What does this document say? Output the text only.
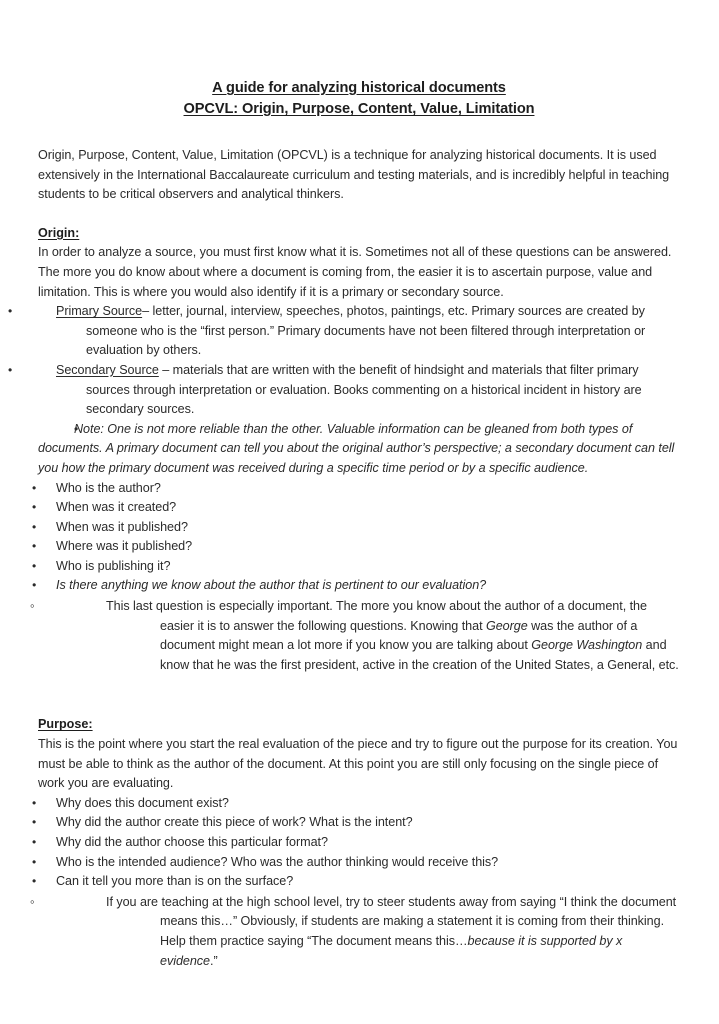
A guide for analyzing historical documents
OPCVL: Origin, Purpose, Content, Value, Limitation

Origin, Purpose, Content, Value, Limitation (OPCVL) is a technique for analyzing historical documents. It is used extensively in the International Baccalaureate curriculum and testing materials, and is incredibly helpful in teaching students to be critical observers and analytical thinkers.

Origin:

In order to analyze a source, you must first know what it is. Sometimes not all of these questions can be answered. The more you do know about where a document is coming from, the easier it is to ascertain purpose, value and limitation. This is where you would also identify if it is a primary or secondary source.

• Primary Source– letter, journal, interview, speeches, photos, paintings, etc. Primary sources are created by someone who is the “first person.” Primary documents have not been filtered through interpretation or evaluation by others.
• Secondary Source – materials that are written with the benefit of hindsight and materials that filter primary sources through interpretation or evaluation. Books commenting on a historical incident in history are secondary sources.

• Note: One is not more reliable than the other. Valuable information can be gleaned from both types of documents. A primary document can tell you about the original author’s perspective; a secondary document can tell you how the primary document was received during a specific time period or by a specific audience.

• Who is the author?
• When was it created?
• When was it published?
• Where was it published?
• Who is publishing it?
• Is there anything we know about the author that is pertinent to our evaluation?

◦ This last question is especially important. The more you know about the author of a document, the easier it is to answer the following questions. Knowing that George was the author of a document might mean a lot more if you know you are talking about George Washington and know that he was the first president, active in the creation of the United States, a General, etc.

Purpose:

This is the point where you start the real evaluation of the piece and try to figure out the purpose for its creation. You must be able to think as the author of the document. At this point you are still only focusing on the single piece of work you are evaluating.

• Why does this document exist?
• Why did the author create this piece of work? What is the intent?
• Why did the author choose this particular format?
• Who is the intended audience? Who was the author thinking would receive this?
• Can it tell you more than is on the surface?

◦ If you are teaching at the high school level, try to steer students away from saying “I think the document means this…” Obviously, if students are making a statement it is coming from their thinking. Help them practice saying “The document means this…because it is supported by x evidence.”
